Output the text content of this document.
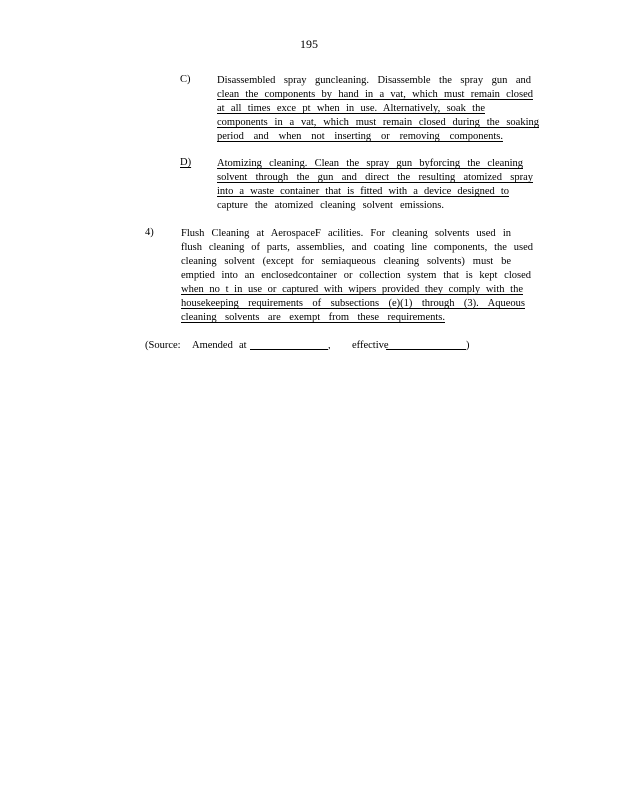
195
C)	Disassembled spray guncleaning. Disassemble the spray gun and
clean the components by hand in a vat, which must remain closed
at all times exce pt when in use. Alternatively, soak the
components in a vat, which must remain closed during the soaking
period and when not inserting or removing components.
D) Atomizing cleaning. Clean the spray gun byforcing the cleaning
solvent through the gun and direct the resulting atomized spray
into a waste container that is fitted with a device designed to
capture the atomized cleaning solvent emissions.
4)	Flush Cleaning at AerospaceF acilities. For cleaning solvents used in
flush cleaning of parts, assemblies, and coating line components, the used
cleaning solvent (except for semiaqueous cleaning solvents) must be
emptied into an enclosedcontainer or collection system that is kept closed
when no t in use or captured with wipers provided they comply with the
housekeeping requirements of subsections (e)(1) through (3). Aqueous
cleaning solvents are exempt from these requirements.
(Source: Amended at	, effective	)
